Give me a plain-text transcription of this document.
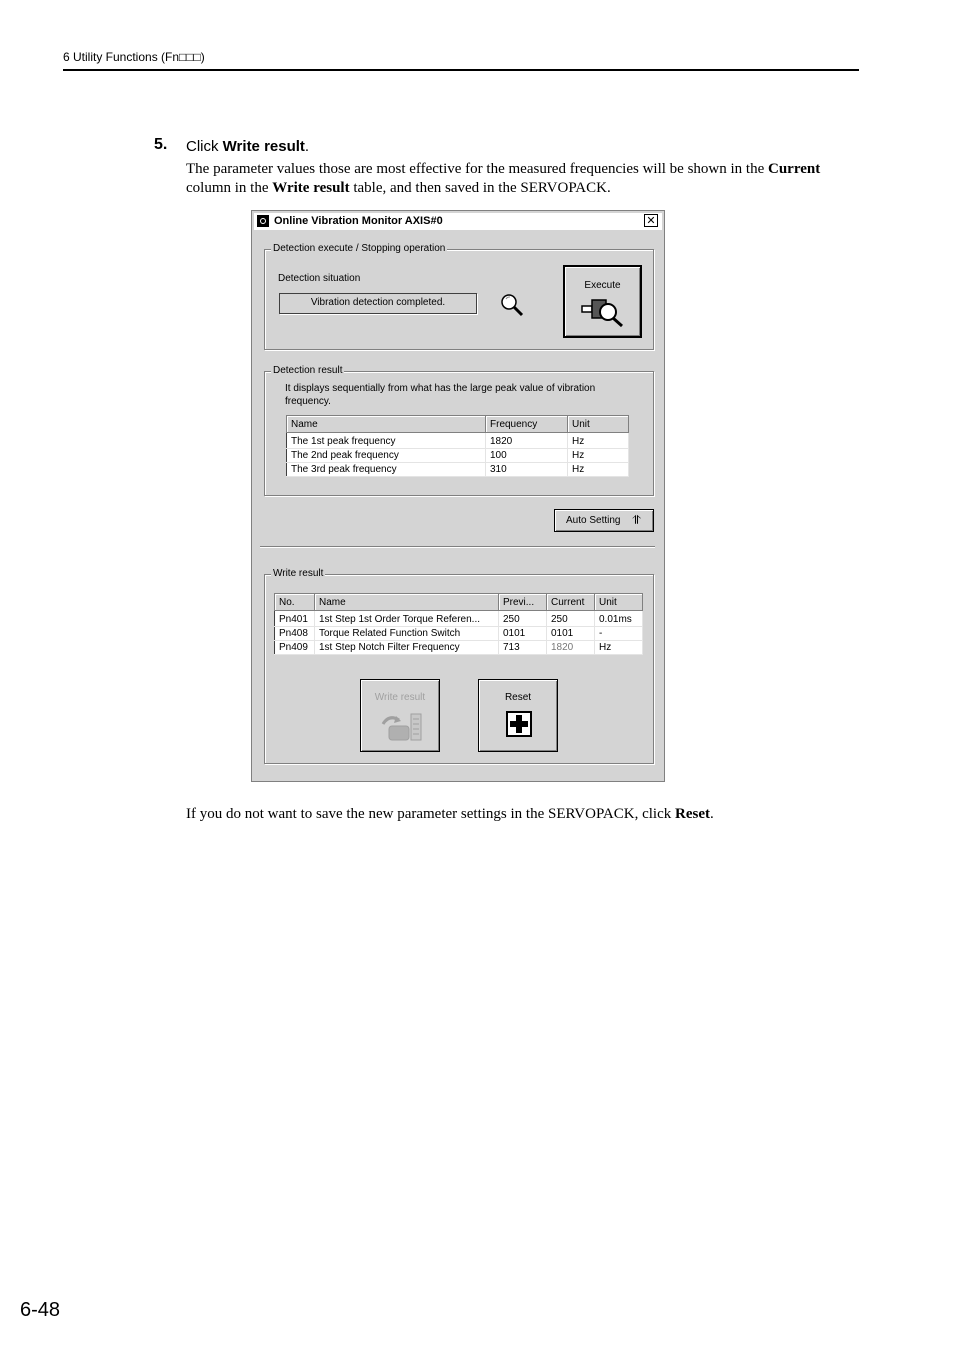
6 Utility Functions (Fn□□□)
5. Click Write result.
The parameter values those are most effective for the measured frequencies will be shown in the Current column in the Write result table, and then saved in the SERVOPACK.
Online Vibration Monitor AXIS#0	✕
Detection execute / Stopping operation
Detection situation
Vibration detection completed.
Execute
Detection result
It displays sequentially from what has the large peak value of vibration frequency.
Name	Frequency	Unit
The 1st peak frequency	1820	Hz
The 2nd peak frequency	100	Hz
The 3rd peak frequency	310	Hz
Auto Setting ⥣
Write result
No.	Name	Previ...	Current	Unit
Pn401	1st Step 1st Order Torque Referen...	250	250	0.01ms
Pn408	Torque Related Function Switch	0101	0101	-
Pn409	1st Step Notch Filter Frequency	713	1820	Hz
Write result	Reset
If you do not want to save the new parameter settings in the SERVOPACK, click Reset.
6-48
